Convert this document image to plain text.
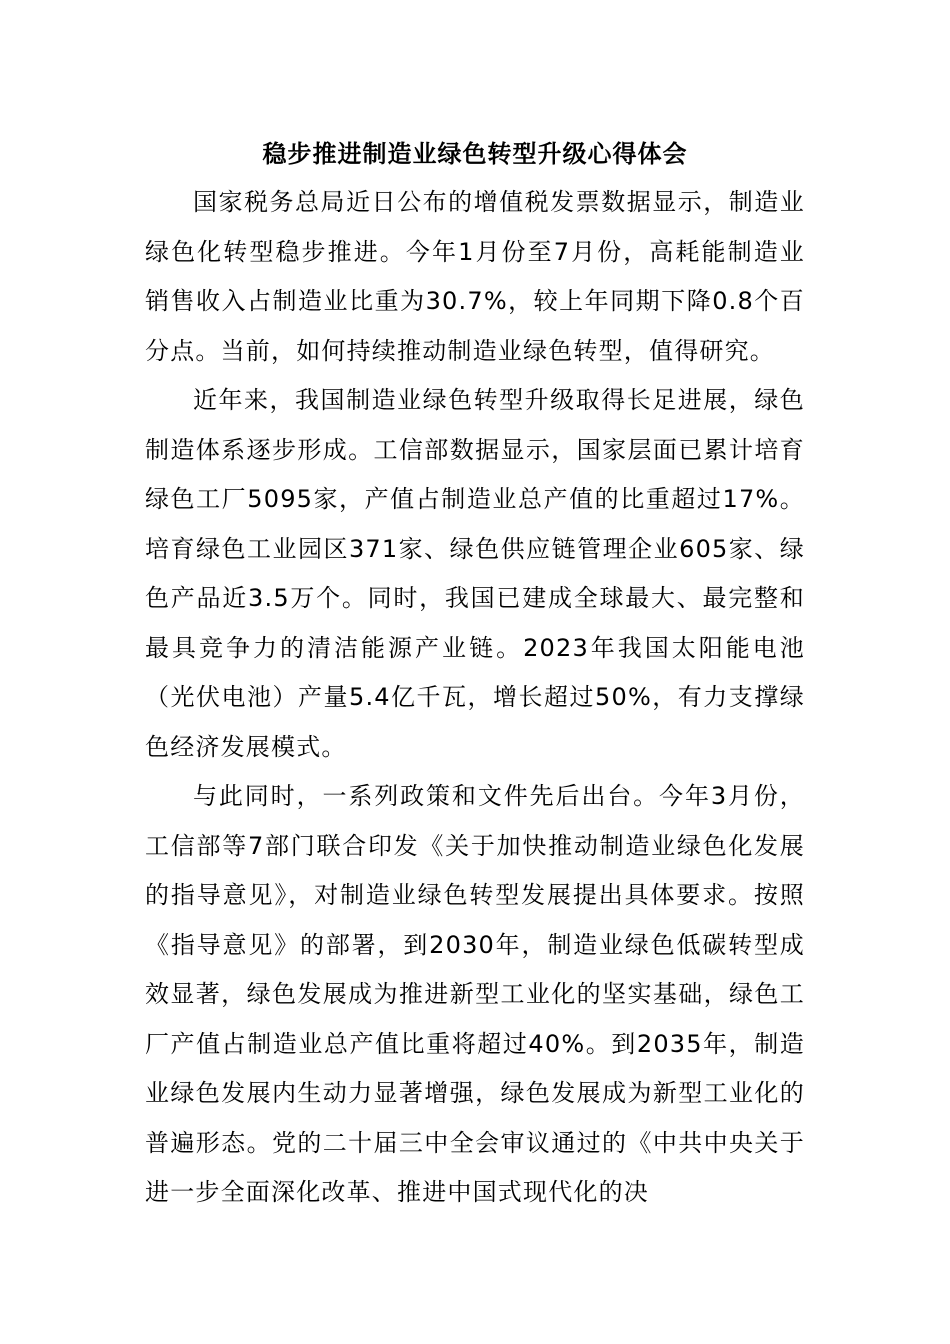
稳步推进制造业绿色转型升级心得体会

国家税务总局近日公布的增值税发票数据显示，制造业绿色化转型稳步推进。今年1月份至7月份，高耗能制造业销售收入占制造业比重为30.7%，较上年同期下降0.8个百分点。当前，如何持续推动制造业绿色转型，值得研究。

近年来，我国制造业绿色转型升级取得长足进展，绿色制造体系逐步形成。工信部数据显示，国家层面已累计培育绿色工厂5095家，产值占制造业总产值的比重超过17%。培育绿色工业园区371家、绿色供应链管理企业605家、绿色产品近3.5万个。同时，我国已建成全球最大、最完整和最具竞争力的清洁能源产业链。2023年我国太阳能电池（光伏电池）产量5.4亿千瓦，增长超过50%，有力支撑绿色经济发展模式。

与此同时，一系列政策和文件先后出台。今年3月份，工信部等7部门联合印发《关于加快推动制造业绿色化发展的指导意见》，对制造业绿色转型发展提出具体要求。按照《指导意见》的部署，到2030年，制造业绿色低碳转型成效显著，绿色发展成为推进新型工业化的坚实基础，绿色工厂产值占制造业总产值比重将超过40%。到2035年，制造业绿色发展内生动力显著增强，绿色发展成为新型工业化的普遍形态。党的二十届三中全会审议通过的《中共中央关于进一步全面深化改革、推进中国式现代化的决
